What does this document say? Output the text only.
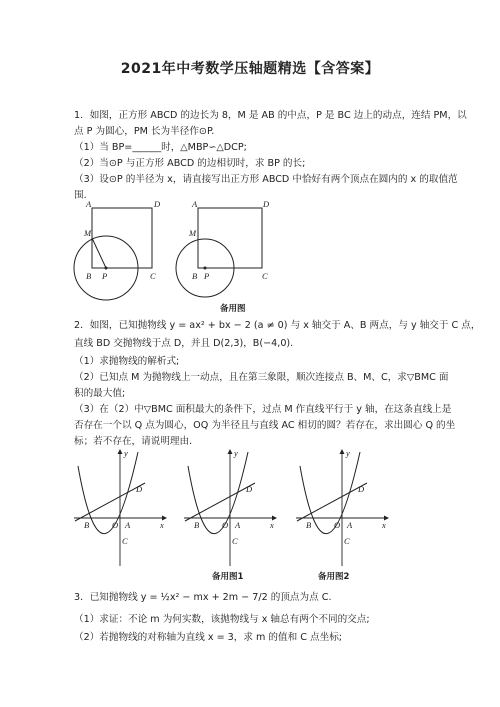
2021年中考数学压轴题精选【含答案】
1．如图，正方形 ABCD 的边长为 8，M 是 AB 的中点，P 是 BC 边上的动点，连结 PM，以
点 P 为圆心，PM 长为半径作⊙P.
（1）当 BP=______时，△MBP∽△DCP;
（2）当⊙P 与正方形 ABCD 的边相切时，求 BP 的长;
（3）设⊙P 的半径为 x，请直接写出正方形 ABCD 中恰好有两个顶点在圆内的 x 的取值范
围.
A	D
M
B P	C
A	D
M
B P	C
备用图
2．如图，已知抛物线 y = ax² + bx − 2 (a ≠ 0) 与 x 轴交于 A、B 两点，与 y 轴交于 C 点，
直线 BD 交抛物线于点 D，并且 D(2,3)，B(−4,0).
（1）求抛物线的解析式;
（2）已知点 M 为抛物线上一动点，且在第三象限，顺次连接点 B、M、C，求▽BMC 面
积的最大值;
（3）在（2）中▽BMC 面积最大的条件下，过点 M 作直线平行于 y 轴，在这条直线上是
否存在一个以 Q 点为圆心，OQ 为半径且与直线 AC 相切的圆？若存在，求出圆心 Q 的坐
标；若不存在，请说明理由.
y
x
B	O A
C
D
y
x
B	O A
C
D
y
x
B	O A
C
D
备用图1	备用图2
3．已知抛物线 y = ½x² − mx + 2m − 7/2 的顶点为点 C.
（1）求证：不论 m 为何实数，该抛物线与 x 轴总有两个不同的交点;
（2）若抛物线的对称轴为直线 x = 3，求 m 的值和 C 点坐标;
